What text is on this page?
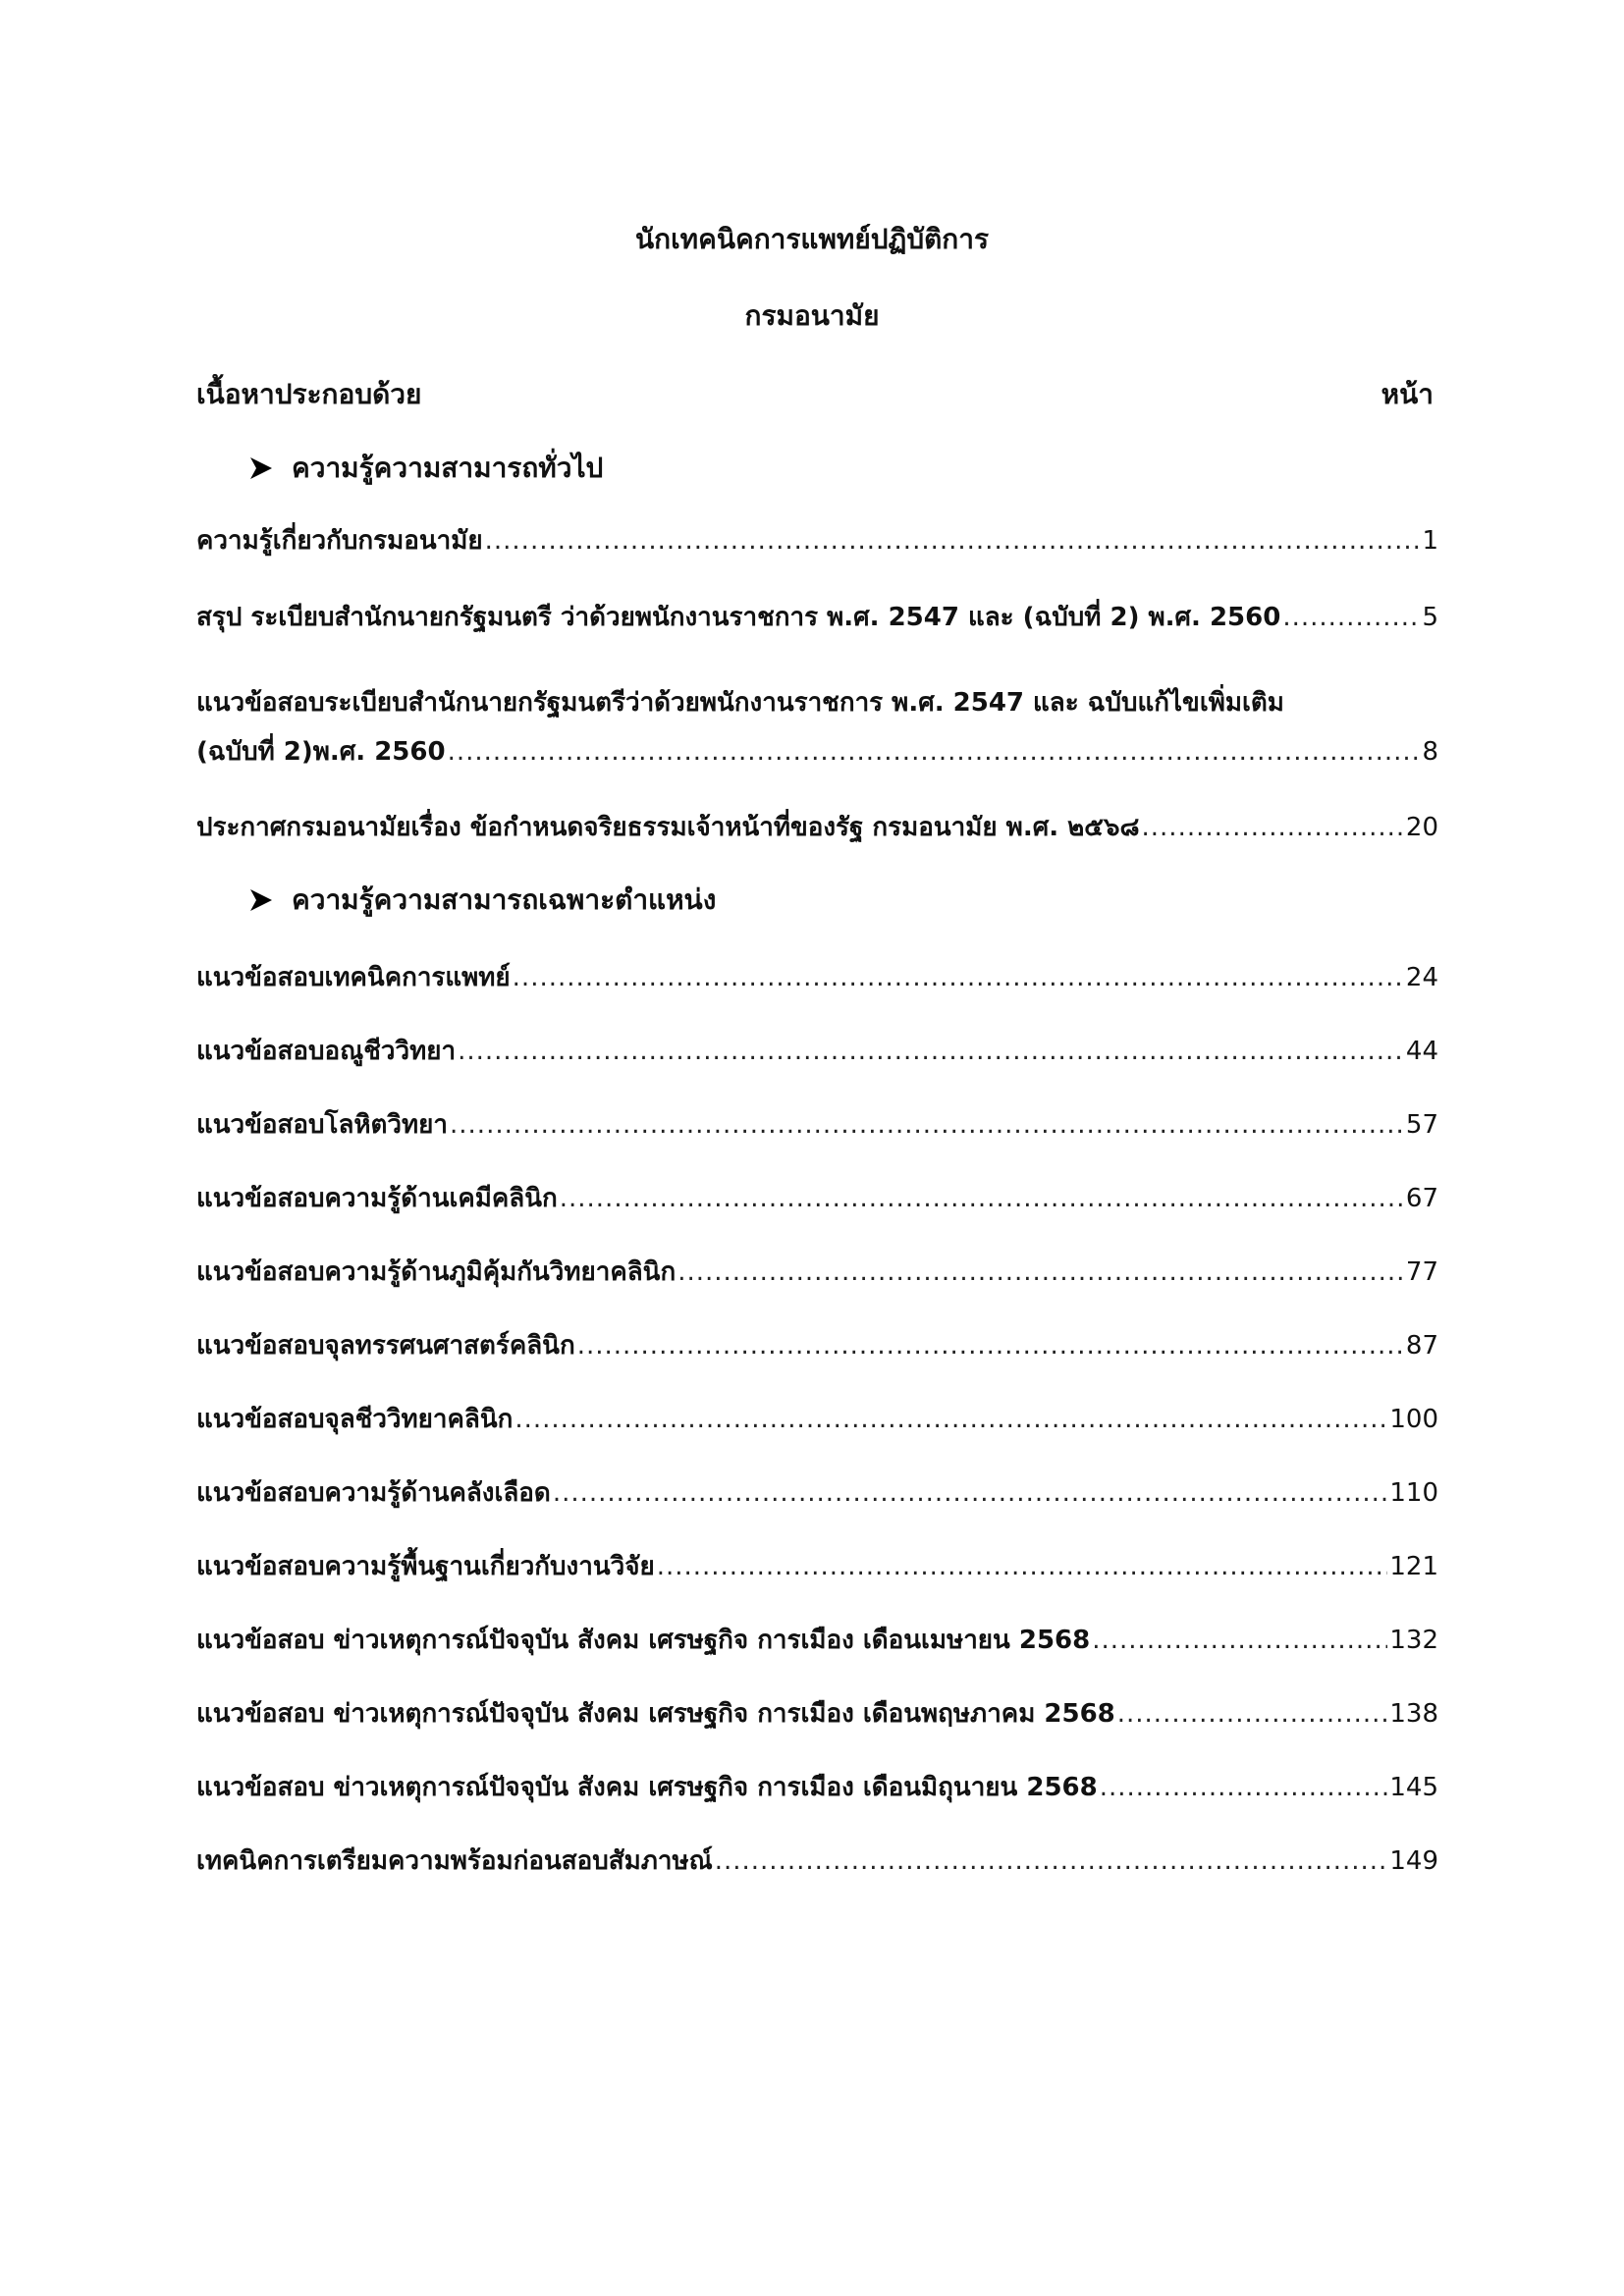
นักเทคนิคการแพทย์ปฏิบัติการ
กรมอนามัย
เนื้อหาประกอบด้วย	หน้า
ความรู้ความสามารถทั่วไป
ความรู้เกี่ยวกับกรมอนามัย .....	1
สรุป ระเบียบสำนักนายกรัฐมนตรี ว่าด้วยพนักงานราชการ พ.ศ. 2547 และ (ฉบับที่ 2) พ.ศ. 2560 .....	5
แนวข้อสอบระเบียบสำนักนายกรัฐมนตรีว่าด้วยพนักงานราชการ พ.ศ. 2547 และ ฉบับแก้ไขเพิ่มเติม
(ฉบับที่ 2)พ.ศ. 2560 .....	8
ประกาศกรมอนามัยเรื่อง ข้อกำหนดจริยธรรมเจ้าหน้าที่ของรัฐ กรมอนามัย พ.ศ. ๒๕๖๘ .....	20
ความรู้ความสามารถเฉพาะตำแหน่ง
แนวข้อสอบเทคนิคการแพทย์ .....	24
แนวข้อสอบอณูชีววิทยา .....	44
แนวข้อสอบโลหิตวิทยา .....	57
แนวข้อสอบความรู้ด้านเคมีคลินิก .....	67
แนวข้อสอบความรู้ด้านภูมิคุ้มกันวิทยาคลินิก .....	77
แนวข้อสอบจุลทรรศนศาสตร์คลินิก .....	87
แนวข้อสอบจุลชีววิทยาคลินิก .....	100
แนวข้อสอบความรู้ด้านคลังเลือด .....	110
แนวข้อสอบความรู้พื้นฐานเกี่ยวกับงานวิจัย .....	121
แนวข้อสอบ ข่าวเหตุการณ์ปัจจุบัน สังคม เศรษฐกิจ การเมือง เดือนเมษายน 2568 .....	132
แนวข้อสอบ ข่าวเหตุการณ์ปัจจุบัน สังคม เศรษฐกิจ การเมือง เดือนพฤษภาคม 2568 .....	138
แนวข้อสอบ ข่าวเหตุการณ์ปัจจุบัน สังคม เศรษฐกิจ การเมือง เดือนมิถุนายน 2568 .....	145
เทคนิคการเตรียมความพร้อมก่อนสอบสัมภาษณ์ .....	149
